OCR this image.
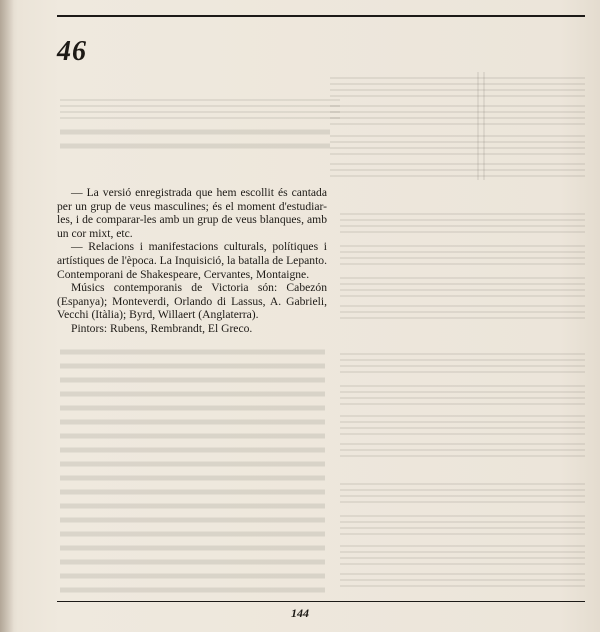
46

— La versió enregistrada que hem escollit és cantada per un grup de veus masculines; és el moment d'estudiar-les, i de comparar-les amb un grup de veus blanques, amb un cor mixt, etc.

— Relacions i manifestacions culturals, polítiques i artístiques de l'època. La Inquisició, la batalla de Lepanto. Contemporani de Shakespeare, Cervantes, Montaigne.

Músics contemporanis de Victoria són: Cabezón (Espanya); Monteverdi, Orlando di Lassus, A. Gabrieli, Vecchi (Itàlia); Byrd, Willaert (Anglaterra).

Pintors: Rubens, Rembrandt, El Greco.

144
